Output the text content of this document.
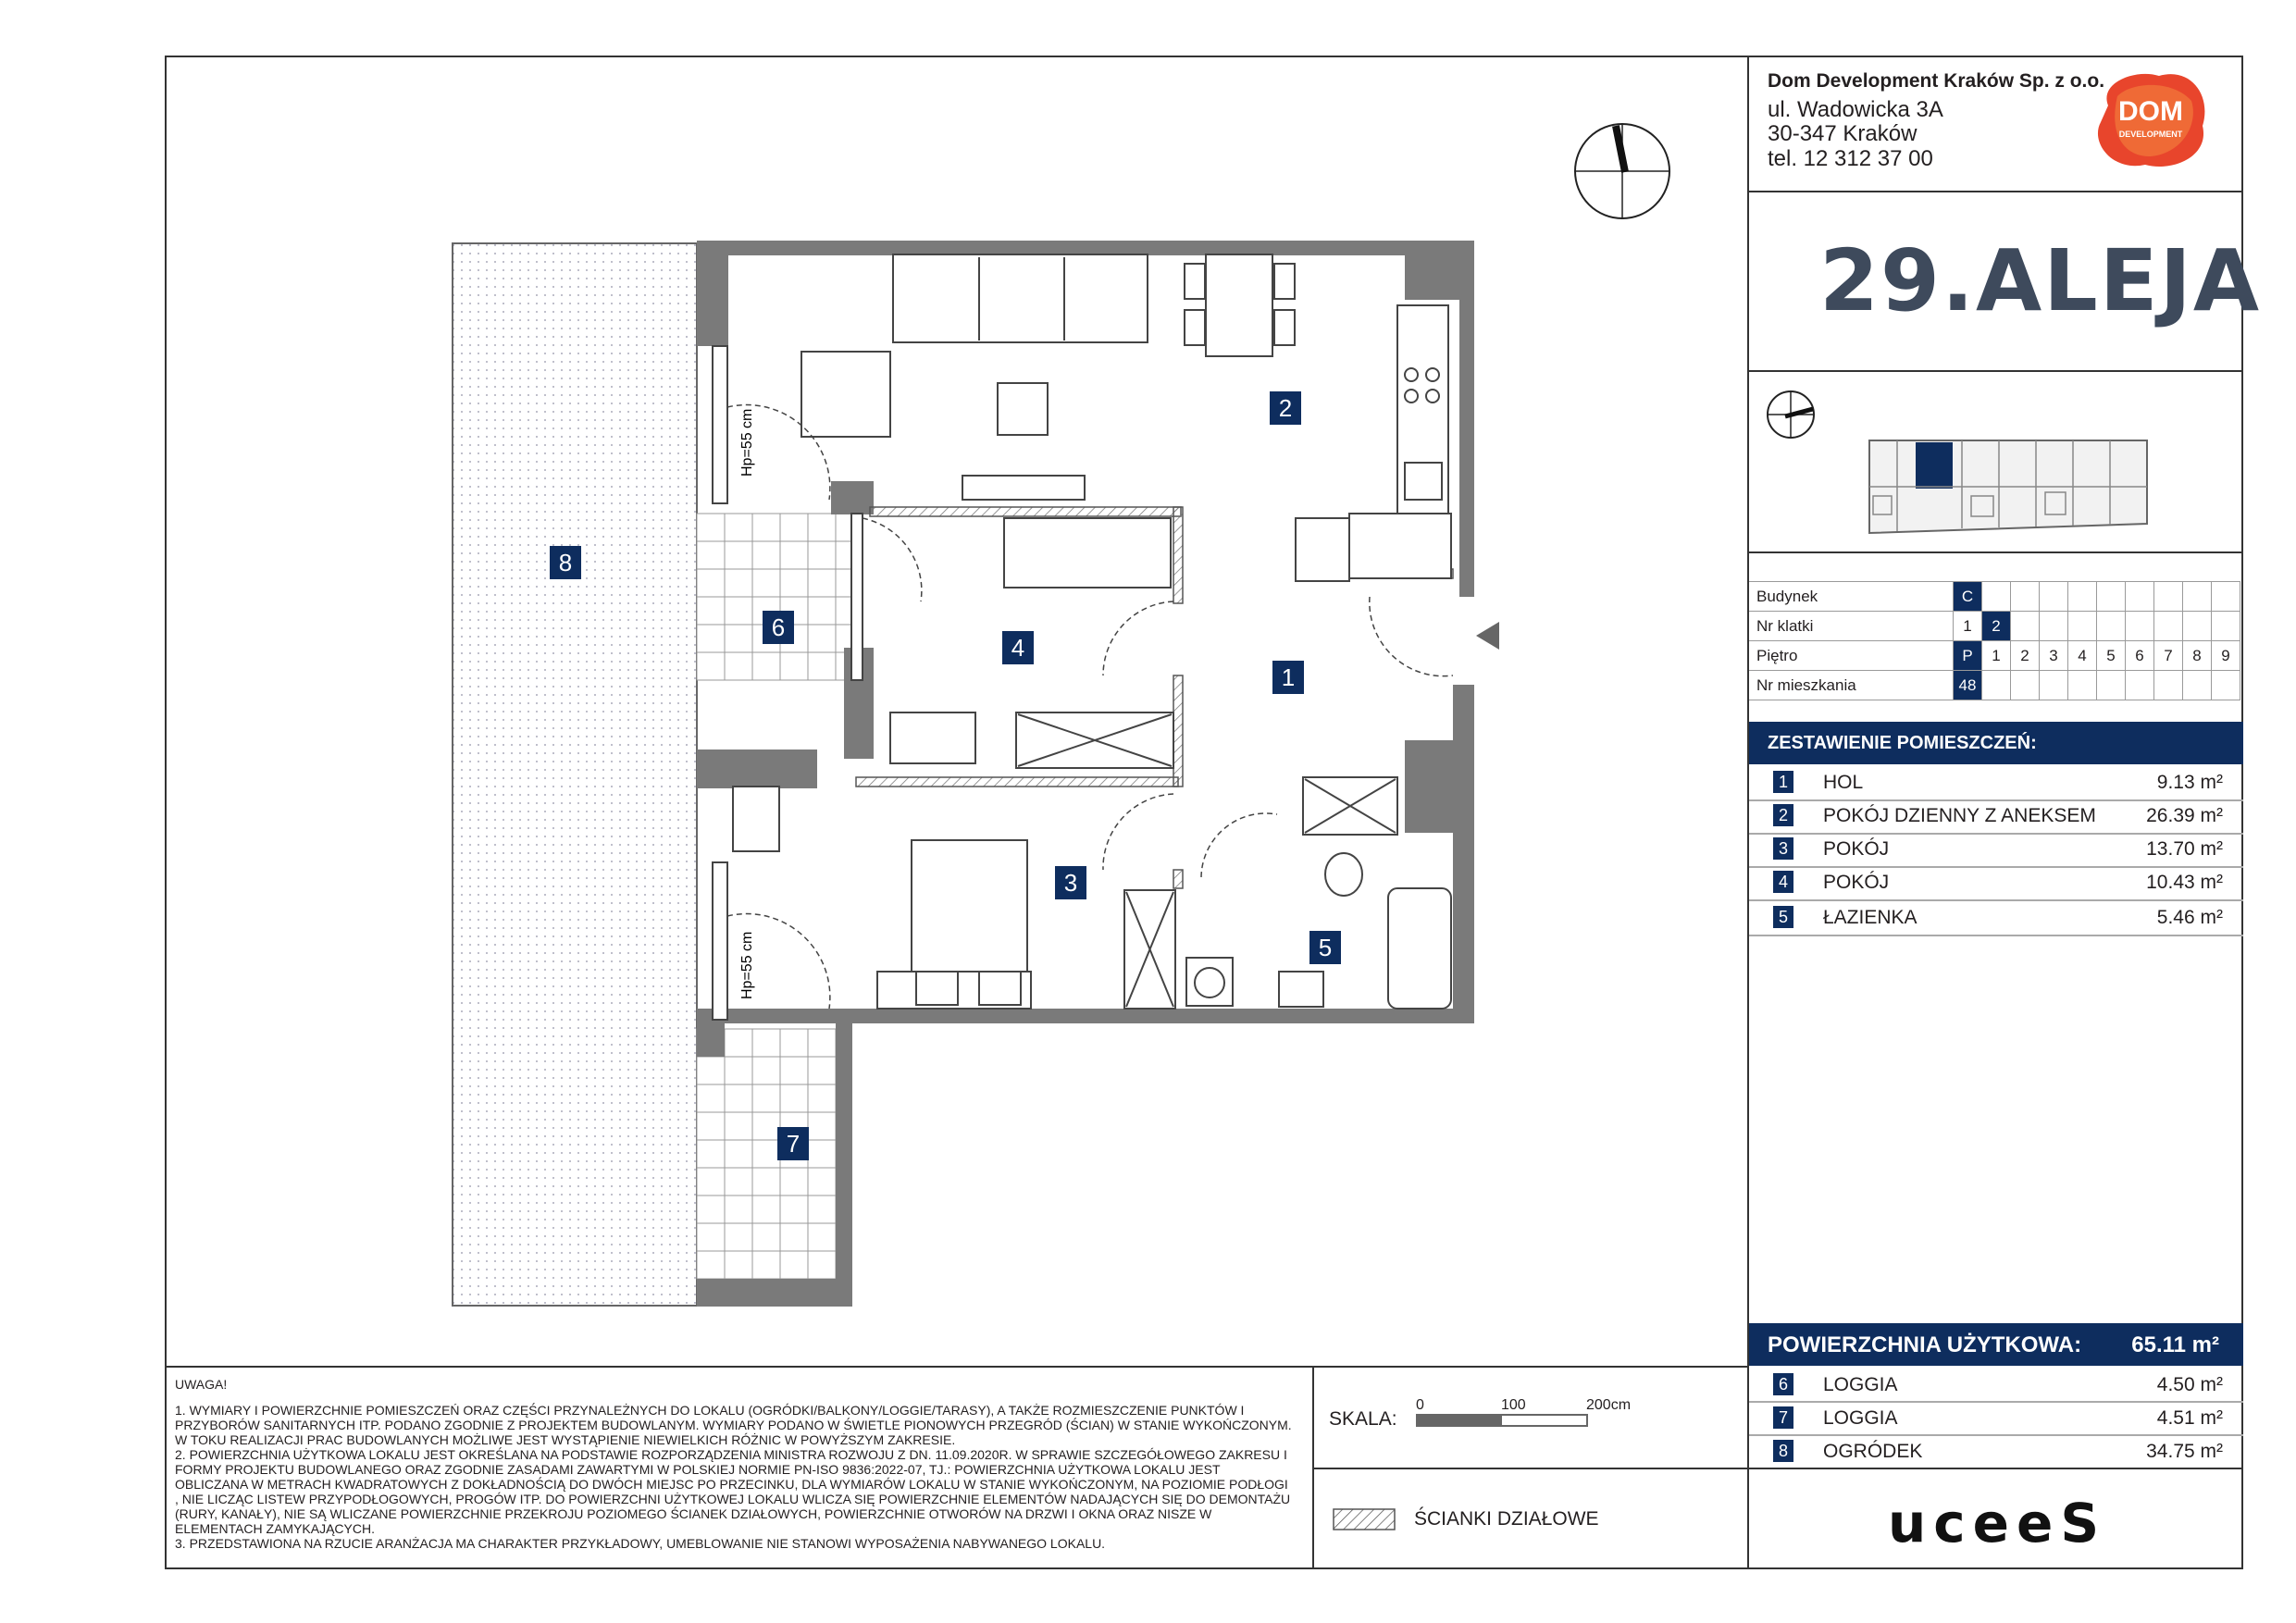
Dom Development Kraków Sp. z o.o.
ul. Wadowicka 3A
30-347 Kraków
tel. 12 312 37 00
DOM
DEVELOPMENT
29.ALEJA
Budynek	C									
Nr klatki	1	2								
Piętro	P	1	2	3	4	5	6	7	8	9
Nr mieszkania	48									
ZESTAWIENIE POMIESZCZEŃ:
1 HOL	9.13 m²
2 POKÓJ DZIENNY Z ANEKSEM	26.39 m²
3 POKÓJ	13.70 m²
4 POKÓJ	10.43 m²
5 ŁAZIENKA	5.46 m²
POWIERZCHNIA UŻYTKOWA: 65.11 m²
6 LOGGIA	4.50 m²
7 LOGGIA	4.51 m²
8 OGRÓDEK	34.75 m²
uceeS
SKALA:
0	100	200cm
ŚCIANKI DZIAŁOWE

UWAGA!

1. WYMIARY I POWIERZCHNIE POMIESZCZEŃ ORAZ CZĘŚCI PRZYNALEŻNYCH DO LOKALU (OGRÓDKI/BALKONY/LOGGIE/TARASY), A TAKŻE ROZMIESZCZENIE PUNKTÓW I PRZYBORÓW SANITARNYCH ITP. PODANO ZGODNIE Z PROJEKTEM BUDOWLANYM. WYMIARY PODANO W ŚWIETLE PIONOWYCH PRZEGRÓD (ŚCIAN) W STANIE WYKOŃCZONYM. W TOKU REALIZACJI PRAC BUDOWLANYCH MOŻLIWE JEST WYSTĄPIENIE NIEWIELKICH RÓŻNIC W POWYŻSZYM ZAKRESIE.

2. POWIERZCHNIA UŻYTKOWA LOKALU JEST OKREŚLANA NA PODSTAWIE ROZPORZĄDZENIA MINISTRA ROZWOJU Z DN. 11.09.2020R. W SPRAWIE SZCZEGÓŁOWEGO ZAKRESU I FORMY PROJEKTU BUDOWLANEGO ORAZ ZGODNIE ZASADAMI ZAWARTYMI W POLSKIEJ NORMIE PN-ISO 9836:2022-07, TJ.: POWIERZCHNIA UŻYTKOWA LOKALU JEST OBLICZANA W METRACH KWADRATOWYCH Z DOKŁADNOŚCIĄ DO DWÓCH MIEJSC PO PRZECINKU, DLA WYMIARÓW LOKALU W STANIE WYKOŃCZONYM, NA POZIOMIE PODŁOGI , NIE LICZĄC LISTEW PRZYPODŁOGOWYCH, PROGÓW ITP. DO POWIERZCHNI UŻYTKOWEJ LOKALU WLICZA SIĘ POWIERZCHNIE ELEMENTÓW NADAJĄCYCH SIĘ DO DEMONTAŻU (RURY, KANAŁY), NIE SĄ WLICZANE POWIERZCHNIE PRZEKROJU POZIOMEGO ŚCIANEK DZIAŁOWYCH, POWIERZCHNIE OTWORÓW NA DRZWI I OKNA ORAZ NISZE W ELEMENTACH ZAMYKAJĄCYCH.

3. PRZEDSTAWIONA NA RZUCIE ARANŻACJA MA CHARAKTER PRZYKŁADOWY, UMEBLOWANIE NIE STANOWI WYPOSAŻENIA NABYWANEGO LOKALU.

Hp=55 cm
Hp=55 cm
1
2
3
4
5
6
7
8
